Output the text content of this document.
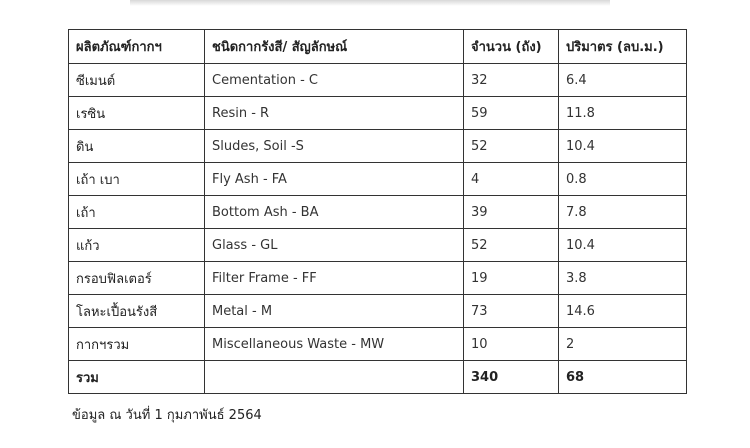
ผลิตภัณฑ์กากฯ	ชนิดกากรังสี/ สัญลักษณ์	จำนวน (ถัง)	ปริมาตร (ลบ.ม.)
ซีเมนต์	Cementation - C	32	6.4
เรซิน	Resin - R	59	11.8
ดิน	Sludes, Soil -S	52	10.4
เถ้า เบา	Fly Ash - FA	4	0.8
เถ้า	Bottom Ash - BA	39	7.8
แก้ว	Glass - GL	52	10.4
กรอบฟิลเตอร์	Filter Frame - FF	19	3.8
โลหะเปื้อนรังสี	Metal - M	73	14.6
กากฯรวม	Miscellaneous Waste - MW	10	2
รวม		340	68
ข้อมูล ณ วันที่ 1 กุมภาพันธ์ 2564
